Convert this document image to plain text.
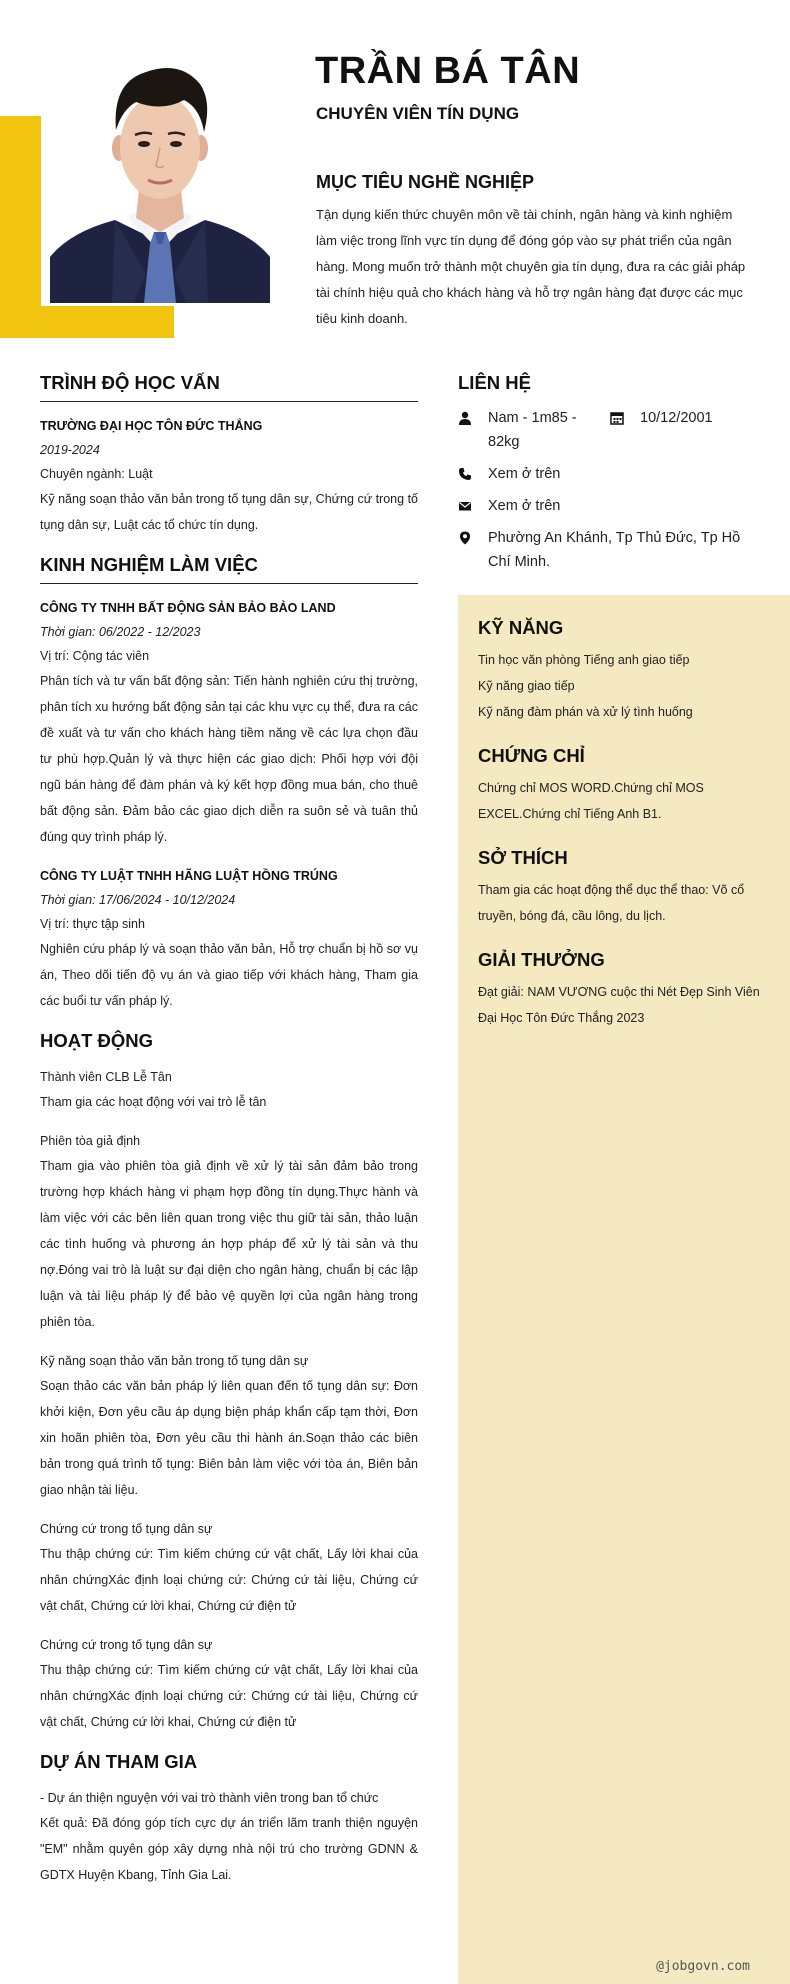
TRẦN BÁ TÂN
CHUYÊN VIÊN TÍN DỤNG
MỤC TIÊU NGHỀ NGHIỆP

Tận dụng kiến thức chuyên môn về tài chính, ngân hàng và kinh nghiệm làm việc trong lĩnh vực tín dụng để đóng góp vào sự phát triển của ngân hàng. Mong muốn trở thành một chuyên gia tín dụng, đưa ra các giải pháp tài chính hiệu quả cho khách hàng và hỗ trợ ngân hàng đạt được các mục tiêu kinh doanh.

TRÌNH ĐỘ HỌC VẤN

TRƯỜNG ĐẠI HỌC TÔN ĐỨC THẮNG

2019-2024

Chuyên ngành: Luật

Kỹ năng soạn thảo văn bản trong tố tụng dân sự, Chứng cứ trong tố tụng dân sự, Luật các tổ chức tín dụng.

KINH NGHIỆM LÀM VIỆC

CÔNG TY TNHH BẤT ĐỘNG SẢN BẢO BẢO LAND

Thời gian: 06/2022 - 12/2023

Vị trí: Cộng tác viên

Phân tích và tư vấn bất động sản: Tiến hành nghiên cứu thị trường, phân tích xu hướng bất động sản tại các khu vực cụ thể, đưa ra các đề xuất và tư vấn cho khách hàng tiềm năng về các lựa chọn đầu tư phù hợp.Quản lý và thực hiện các giao dịch: Phối hợp với đội ngũ bán hàng để đàm phán và ký kết hợp đồng mua bán, cho thuê bất động sản. Đảm bảo các giao dịch diễn ra suôn sẻ và tuân thủ đúng quy trình pháp lý.

CÔNG TY LUẬT TNHH HÃNG LUẬT HỒNG TRÚNG

Thời gian: 17/06/2024 - 10/12/2024

Vị trí: thực tập sinh

Nghiên cứu pháp lý và soạn thảo văn bản, Hỗ trợ chuẩn bị hồ sơ vụ án, Theo dõi tiến độ vụ án và giao tiếp với khách hàng, Tham gia các buổi tư vấn pháp lý.

HOẠT ĐỘNG

Thành viên CLB Lễ Tân

Tham gia các hoạt động với vai trò lễ tân

Phiên tòa giả định

Tham gia vào phiên tòa giả định về xử lý tài sản đảm bảo trong trường hợp khách hàng vi phạm hợp đồng tín dụng.Thực hành và làm việc với các bên liên quan trong việc thu giữ tài sản, thảo luận các tình huống và phương án hợp pháp để xử lý tài sản và thu nợ.Đóng vai trò là luật sư đại diện cho ngân hàng, chuẩn bị các lập luận và tài liệu pháp lý để bảo vệ quyền lợi của ngân hàng trong phiên tòa.

Kỹ năng soạn thảo văn bản trong tố tụng dân sự

Soạn thảo các văn bản pháp lý liên quan đến tố tụng dân sự: Đơn khởi kiện, Đơn yêu cầu áp dụng biện pháp khẩn cấp tạm thời, Đơn xin hoãn phiên tòa, Đơn yêu cầu thi hành án.Soạn thảo các biên bản trong quá trình tố tụng: Biên bản làm việc với tòa án, Biên bản giao nhận tài liệu.

Chứng cứ trong tố tụng dân sự

Thu thập chứng cứ: Tìm kiếm chứng cứ vật chất, Lấy lời khai của nhân chứngXác định loại chứng cứ: Chứng cứ tài liệu, Chứng cứ vật chất, Chứng cứ lời khai, Chứng cứ điện tử

Chứng cứ trong tố tụng dân sự

Thu thập chứng cứ: Tìm kiếm chứng cứ vật chất, Lấy lời khai của nhân chứngXác định loại chứng cứ: Chứng cứ tài liệu, Chứng cứ vật chất, Chứng cứ lời khai, Chứng cứ điện tử

DỰ ÁN THAM GIA

- Dự án thiện nguyện với vai trò thành viên trong ban tổ chức

Kết quả: Đã đóng góp tích cực dự án triển lãm tranh thiện nguyện "EM" nhằm quyên góp xây dựng nhà nội trú cho trường GDNN & GDTX Huyện Kbang, Tỉnh Gia Lai.

LIÊN HỆ
Nam - 1m85 - 82kg
10/12/2001
Xem ở trên
Xem ở trên
Phường An Khánh, Tp Thủ Đức, Tp Hồ Chí Minh.
KỸ NĂNG

Tin học văn phòng Tiếng anh giao tiếp

Kỹ năng giao tiếp

Kỹ năng đàm phán và xử lý tình huống

CHỨNG CHỈ

Chứng chỉ MOS WORD.Chứng chỉ MOS EXCEL.Chứng chỉ Tiếng Anh B1.

SỞ THÍCH

Tham gia các hoạt động thể dục thể thao: Võ cổ truyền, bóng đá, cầu lông, du lịch.

GIẢI THƯỞNG

Đạt giải: NAM VƯƠNG cuộc thi Nét Đẹp Sinh Viên Đại Học Tôn Đức Thắng 2023

@jobgovn.com
